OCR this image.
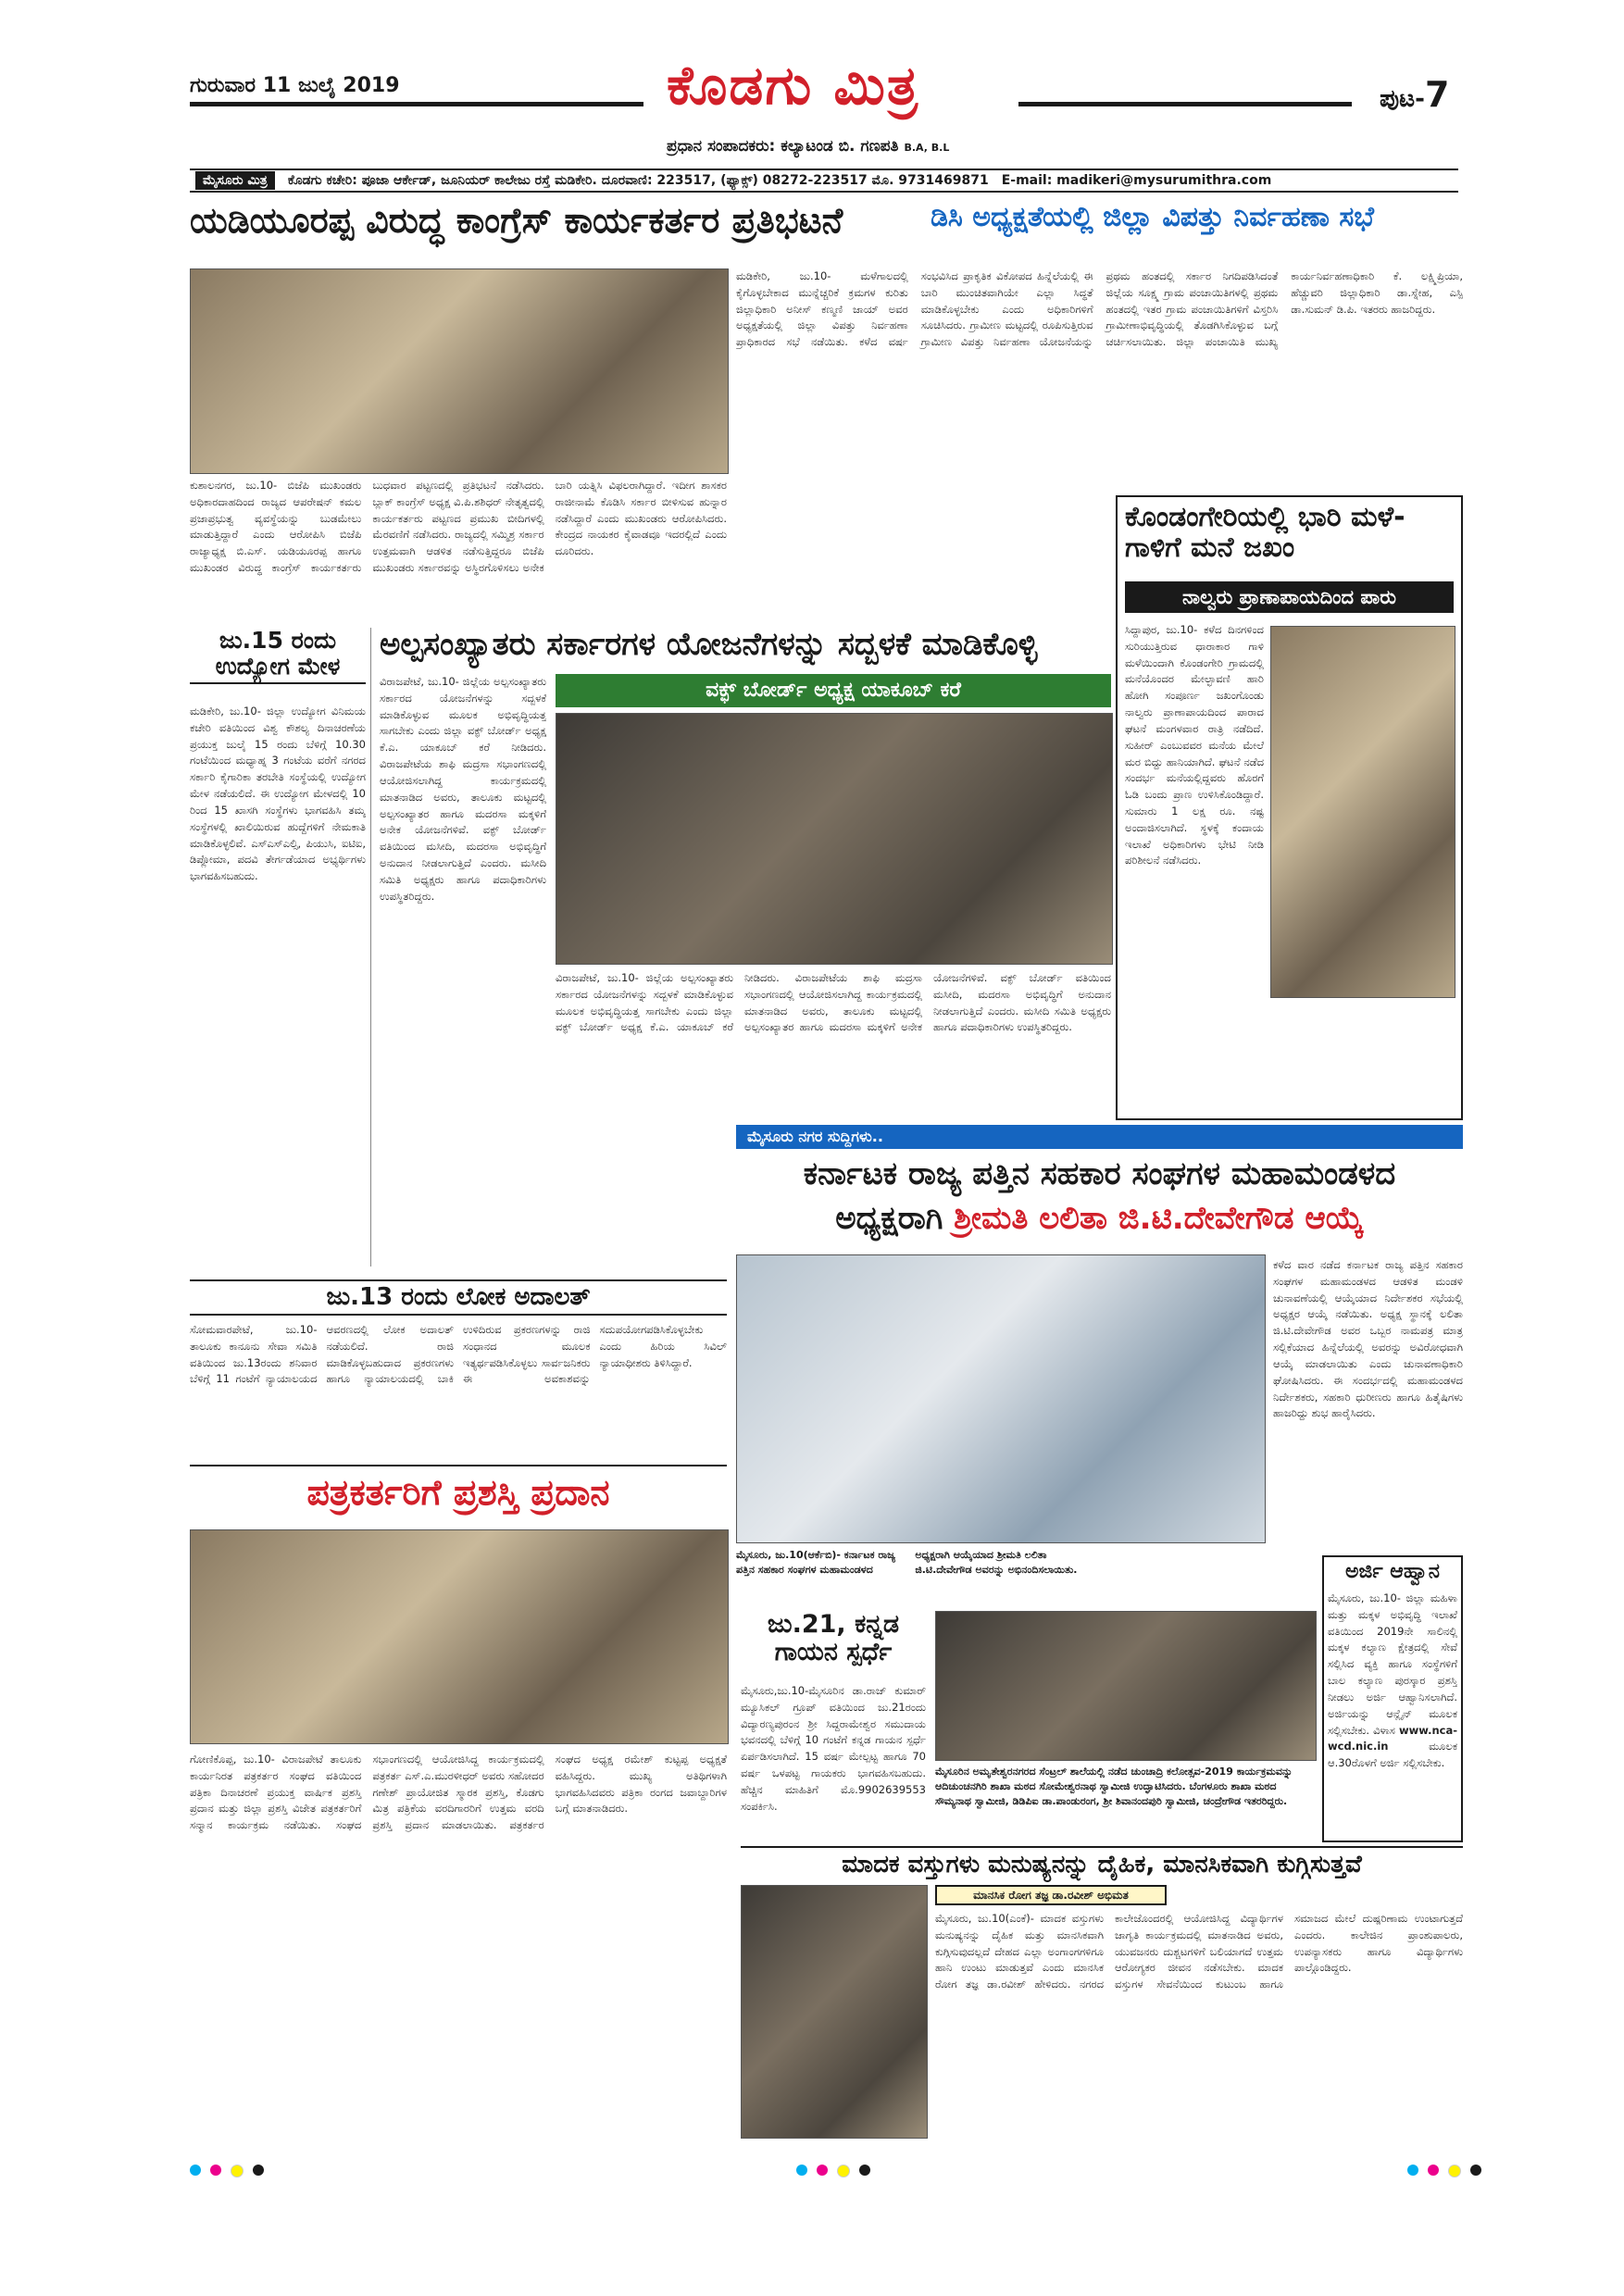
ಗುರುವಾರ 11 ಜುಲೈ 2019	ಕೊಡಗು ಮಿತ್ರ	ಪುಟ-7
ಪ್ರಧಾನ ಸಂಪಾದಕರು: ಕಲ್ಯಾಟಂಡ ಬಿ. ಗಣಪತಿ B.A, B.L
ಮೈಸೂರು ಮಿತ್ರ	ಕೊಡಗು ಕಚೇರಿ: ಪೂಜಾ ಆರ್ಕೇಡ್, ಜೂನಿಯರ್ ಕಾಲೇಜು ರಸ್ತೆ ಮಡಿಕೇರಿ. ದೂರವಾಣಿ: 223517, (ಫ್ಯಾಕ್ಸ್) 08272-223517 ಮೊ. 9731469871 E-mail: madikeri@mysurumithra.com
ಯಡಿಯೂರಪ್ಪ ವಿರುದ್ಧ ಕಾಂಗ್ರೆಸ್ ಕಾರ್ಯಕರ್ತರ ಪ್ರತಿಭಟನೆ
ಕುಶಾಲನಗರ, ಜು.10- ಬಿಜೆಪಿ ಮುಖಂಡರು ಅಧಿಕಾರದಾಹದಿಂದ ರಾಜ್ಯದ ಆಪರೇಷನ್ ಕಮಲ ಪ್ರಜಾಪ್ರಭುತ್ವ ವ್ಯವಸ್ಥೆಯನ್ನು ಬುಡಮೇಲು ಮಾಡುತ್ತಿದ್ದಾರೆ ಎಂದು ಆರೋಪಿಸಿ ಬಿಜೆಪಿ ರಾಜ್ಯಾಧ್ಯಕ್ಷ ಬಿ.ಎಸ್. ಯಡಿಯೂರಪ್ಪ ಹಾಗೂ ಮುಖಂಡರ ವಿರುದ್ಧ ಕಾಂಗ್ರೆಸ್ ಕಾರ್ಯಕರ್ತರು ಬುಧವಾರ ಪಟ್ಟಣದಲ್ಲಿ ಪ್ರತಿಭಟನೆ ನಡೆಸಿದರು. ಬ್ಲಾಕ್ ಕಾಂಗ್ರೆಸ್ ಅಧ್ಯಕ್ಷ ವಿ.ಪಿ.ಶಶಿಧರ್ ನೇತೃತ್ವದಲ್ಲಿ ಕಾರ್ಯಕರ್ತರು ಪಟ್ಟಣದ ಪ್ರಮುಖ ಬೀದಿಗಳಲ್ಲಿ ಮೆರವಣಿಗೆ ನಡೆಸಿದರು. ರಾಜ್ಯದಲ್ಲಿ ಸಮ್ಮಿಶ್ರ ಸರ್ಕಾರ ಉತ್ತಮವಾಗಿ ಆಡಳಿತ ನಡೆಸುತ್ತಿದ್ದರೂ ಬಿಜೆಪಿ ಮುಖಂಡರು ಸರ್ಕಾರವನ್ನು ಅಸ್ಥಿರಗೊಳಿಸಲು ಅನೇಕ ಬಾರಿ ಯತ್ನಿಸಿ ವಿಫಲರಾಗಿದ್ದಾರೆ. ಇದೀಗ ಶಾಸಕರ ರಾಜೀನಾಮೆ ಕೊಡಿಸಿ ಸರ್ಕಾರ ಬೀಳಿಸುವ ಹುನ್ನಾರ ನಡೆಸಿದ್ದಾರೆ ಎಂದು ಮುಖಂಡರು ಆರೋಪಿಸಿದರು. ಕೇಂದ್ರದ ನಾಯಕರ ಕೈವಾಡವೂ ಇದರಲ್ಲಿದೆ ಎಂದು ದೂರಿದರು.
ಡಿಸಿ ಅಧ್ಯಕ್ಷತೆಯಲ್ಲಿ ಜಿಲ್ಲಾ ವಿಪತ್ತು ನಿರ್ವಹಣಾ ಸಭೆ
ಮಡಿಕೇರಿ, ಜು.10- ಮಳೆಗಾಲದಲ್ಲಿ ಕೈಗೊಳ್ಳಬೇಕಾದ ಮುನ್ನೆಚ್ಚರಿಕೆ ಕ್ರಮಗಳ ಕುರಿತು ಜಿಲ್ಲಾಧಿಕಾರಿ ಅನೀಸ್ ಕಣ್ಮಣಿ ಜಾಯ್ ಅವರ ಅಧ್ಯಕ್ಷತೆಯಲ್ಲಿ ಜಿಲ್ಲಾ ವಿಪತ್ತು ನಿರ್ವಹಣಾ ಪ್ರಾಧಿಕಾರದ ಸಭೆ ನಡೆಯಿತು. ಕಳೆದ ವರ್ಷ ಸಂಭವಿಸಿದ ಪ್ರಾಕೃತಿಕ ವಿಕೋಪದ ಹಿನ್ನೆಲೆಯಲ್ಲಿ ಈ ಬಾರಿ ಮುಂಚಿತವಾಗಿಯೇ ಎಲ್ಲಾ ಸಿದ್ಧತೆ ಮಾಡಿಕೊಳ್ಳಬೇಕು ಎಂದು ಅಧಿಕಾರಿಗಳಿಗೆ ಸೂಚಿಸಿದರು. ಗ್ರಾಮೀಣ ಮಟ್ಟದಲ್ಲಿ ರೂಪಿಸುತ್ತಿರುವ ಗ್ರಾಮೀಣ ವಿಪತ್ತು ನಿರ್ವಹಣಾ ಯೋಜನೆಯನ್ನು ಪ್ರಥಮ ಹಂತದಲ್ಲಿ ಸರ್ಕಾರ ನಿಗದಿಪಡಿಸಿದಂತೆ ಜಿಲ್ಲೆಯ ಸೂಕ್ಷ್ಮ ಗ್ರಾಮ ಪಂಚಾಯಿತಿಗಳಲ್ಲಿ ಪ್ರಥಮ ಹಂತದಲ್ಲಿ ಇತರ ಗ್ರಾಮ ಪಂಚಾಯಿತಿಗಳಿಗೆ ವಿಸ್ತರಿಸಿ ಗ್ರಾಮೀಣಾಭಿವೃದ್ಧಿಯಲ್ಲಿ ತೊಡಗಿಸಿಕೊಳ್ಳುವ ಬಗ್ಗೆ ಚರ್ಚಿಸಲಾಯಿತು. ಜಿಲ್ಲಾ ಪಂಚಾಯಿತಿ ಮುಖ್ಯ ಕಾರ್ಯನಿರ್ವಹಣಾಧಿಕಾರಿ ಕೆ. ಲಕ್ಷ್ಮಿಪ್ರಿಯಾ, ಹೆಚ್ಚುವರಿ ಜಿಲ್ಲಾಧಿಕಾರಿ ಡಾ.ಸ್ನೇಹ, ಎಸ್ಪಿ ಡಾ.ಸುಮನ್ ಡಿ.ಪಿ. ಇತರರು ಹಾಜರಿದ್ದರು.
ಕೊಂಡಂಗೇರಿಯಲ್ಲಿ ಭಾರಿ ಮಳೆ-ಗಾಳಿಗೆ ಮನೆ ಜಖಂ
ನಾಲ್ವರು ಪ್ರಾಣಾಪಾಯದಿಂದ ಪಾರು
ಸಿದ್ದಾಪುರ, ಜು.10- ಕಳೆದ ದಿನಗಳಿಂದ ಸುರಿಯುತ್ತಿರುವ ಧಾರಾಕಾರ ಗಾಳಿ ಮಳೆಯಿಂದಾಗಿ ಕೊಂಡಂಗೇರಿ ಗ್ರಾಮದಲ್ಲಿ ಮನೆಯೊಂದರ ಮೇಲ್ಛಾವಣಿ ಹಾರಿ ಹೋಗಿ ಸಂಪೂರ್ಣ ಜಖಂಗೊಂಡು ನಾಲ್ವರು ಪ್ರಾಣಾಪಾಯದಿಂದ ಪಾರಾದ ಘಟನೆ ಮಂಗಳವಾರ ರಾತ್ರಿ ನಡೆದಿದೆ. ಸುಹೀರ್ ಎಂಬುವವರ ಮನೆಯ ಮೇಲೆ ಮರ ಬಿದ್ದು ಹಾನಿಯಾಗಿದೆ. ಘಟನೆ ನಡೆದ ಸಂದರ್ಭ ಮನೆಯಲ್ಲಿದ್ದವರು ಹೊರಗೆ ಓಡಿ ಬಂದು ಪ್ರಾಣ ಉಳಿಸಿಕೊಂಡಿದ್ದಾರೆ. ಸುಮಾರು 1 ಲಕ್ಷ ರೂ. ನಷ್ಟ ಅಂದಾಜಿಸಲಾಗಿದೆ. ಸ್ಥಳಕ್ಕೆ ಕಂದಾಯ ಇಲಾಖೆ ಅಧಿಕಾರಿಗಳು ಭೇಟಿ ನೀಡಿ ಪರಿಶೀಲನೆ ನಡೆಸಿದರು.
ಜು.15 ರಂದು ಉದ್ಯೋಗ ಮೇಳ
ಮಡಿಕೇರಿ, ಜು.10- ಜಿಲ್ಲಾ ಉದ್ಯೋಗ ವಿನಿಮಯ ಕಚೇರಿ ವತಿಯಿಂದ ವಿಶ್ವ ಕೌಶಲ್ಯ ದಿನಾಚರಣೆಯ ಪ್ರಯುಕ್ತ ಜುಲೈ 15 ರಂದು ಬೆಳಿಗ್ಗೆ 10.30 ಗಂಟೆಯಿಂದ ಮಧ್ಯಾಹ್ನ 3 ಗಂಟೆಯ ವರೆಗೆ ನಗರದ ಸರ್ಕಾರಿ ಕೈಗಾರಿಕಾ ತರಬೇತಿ ಸಂಸ್ಥೆಯಲ್ಲಿ ಉದ್ಯೋಗ ಮೇಳ ನಡೆಯಲಿದೆ. ಈ ಉದ್ಯೋಗ ಮೇಳದಲ್ಲಿ 10 ರಿಂದ 15 ಖಾಸಗಿ ಸಂಸ್ಥೆಗಳು ಭಾಗವಹಿಸಿ ತಮ್ಮ ಸಂಸ್ಥೆಗಳಲ್ಲಿ ಖಾಲಿಯಿರುವ ಹುದ್ದೆಗಳಿಗೆ ನೇಮಕಾತಿ ಮಾಡಿಕೊಳ್ಳಲಿವೆ. ಎಸ್ಎಸ್ಎಲ್ಸಿ, ಪಿಯುಸಿ, ಐಟಿಐ, ಡಿಪ್ಲೋಮಾ, ಪದವಿ ತೇರ್ಗಡೆಯಾದ ಅಭ್ಯರ್ಥಿಗಳು ಭಾಗವಹಿಸಬಹುದು.
ಅಲ್ಪಸಂಖ್ಯಾತರು ಸರ್ಕಾರಗಳ ಯೋಜನೆಗಳನ್ನು ಸದ್ಬಳಕೆ ಮಾಡಿಕೊಳ್ಳಿ
ವಕ್ಫ್ ಬೋರ್ಡ್ ಅಧ್ಯಕ್ಷ ಯಾಕೂಬ್ ಕರೆ
ವಿರಾಜಪೇಟೆ, ಜು.10- ಜಿಲ್ಲೆಯ ಅಲ್ಪಸಂಖ್ಯಾತರು ಸರ್ಕಾರದ ಯೋಜನೆಗಳನ್ನು ಸದ್ಬಳಕೆ ಮಾಡಿಕೊಳ್ಳುವ ಮೂಲಕ ಅಭಿವೃದ್ಧಿಯತ್ತ ಸಾಗಬೇಕು ಎಂದು ಜಿಲ್ಲಾ ವಕ್ಫ್ ಬೋರ್ಡ್ ಅಧ್ಯಕ್ಷ ಕೆ.ಎ. ಯಾಕೂಬ್ ಕರೆ ನೀಡಿದರು. ವಿರಾಜಪೇಟೆಯ ಶಾಫಿ ಮದ್ರಸಾ ಸಭಾಂಗಣದಲ್ಲಿ ಆಯೋಜಿಸಲಾಗಿದ್ದ ಕಾರ್ಯಕ್ರಮದಲ್ಲಿ ಮಾತನಾಡಿದ ಅವರು, ತಾಲೂಕು ಮಟ್ಟದಲ್ಲಿ ಅಲ್ಪಸಂಖ್ಯಾತರ ಹಾಗೂ ಮದರಸಾ ಮಕ್ಕಳಿಗೆ ಅನೇಕ ಯೋಜನೆಗಳಿವೆ. ವಕ್ಫ್ ಬೋರ್ಡ್ ವತಿಯಿಂದ ಮಸೀದಿ, ಮದರಸಾ ಅಭಿವೃದ್ಧಿಗೆ ಅನುದಾನ ನೀಡಲಾಗುತ್ತಿದೆ ಎಂದರು. ಮಸೀದಿ ಸಮಿತಿ ಅಧ್ಯಕ್ಷರು ಹಾಗೂ ಪದಾಧಿಕಾರಿಗಳು ಉಪಸ್ಥಿತರಿದ್ದರು.
ವಿರಾಜಪೇಟೆ, ಜು.10- ಜಿಲ್ಲೆಯ ಅಲ್ಪಸಂಖ್ಯಾತರು ಸರ್ಕಾರದ ಯೋಜನೆಗಳನ್ನು ಸದ್ಬಳಕೆ ಮಾಡಿಕೊಳ್ಳುವ ಮೂಲಕ ಅಭಿವೃದ್ಧಿಯತ್ತ ಸಾಗಬೇಕು ಎಂದು ಜಿಲ್ಲಾ ವಕ್ಫ್ ಬೋರ್ಡ್ ಅಧ್ಯಕ್ಷ ಕೆ.ಎ. ಯಾಕೂಬ್ ಕರೆ ನೀಡಿದರು. ವಿರಾಜಪೇಟೆಯ ಶಾಫಿ ಮದ್ರಸಾ ಸಭಾಂಗಣದಲ್ಲಿ ಆಯೋಜಿಸಲಾಗಿದ್ದ ಕಾರ್ಯಕ್ರಮದಲ್ಲಿ ಮಾತನಾಡಿದ ಅವರು, ತಾಲೂಕು ಮಟ್ಟದಲ್ಲಿ ಅಲ್ಪಸಂಖ್ಯಾತರ ಹಾಗೂ ಮದರಸಾ ಮಕ್ಕಳಿಗೆ ಅನೇಕ ಯೋಜನೆಗಳಿವೆ. ವಕ್ಫ್ ಬೋರ್ಡ್ ವತಿಯಿಂದ ಮಸೀದಿ, ಮದರಸಾ ಅಭಿವೃದ್ಧಿಗೆ ಅನುದಾನ ನೀಡಲಾಗುತ್ತಿದೆ ಎಂದರು. ಮಸೀದಿ ಸಮಿತಿ ಅಧ್ಯಕ್ಷರು ಹಾಗೂ ಪದಾಧಿಕಾರಿಗಳು ಉಪಸ್ಥಿತರಿದ್ದರು.
ಮೈಸೂರು ನಗರ ಸುದ್ದಿಗಳು..
ಕರ್ನಾಟಕ ರಾಜ್ಯ ಪತ್ತಿನ ಸಹಕಾರ ಸಂಘಗಳ ಮಹಾಮಂಡಳದ
ಅಧ್ಯಕ್ಷರಾಗಿ ಶ್ರೀಮತಿ ಲಲಿತಾ ಜಿ.ಟಿ.ದೇವೇಗೌಡ ಆಯ್ಕೆ
ಕಳೆದ ವಾರ ನಡೆದ ಕರ್ನಾಟಕ ರಾಜ್ಯ ಪತ್ತಿನ ಸಹಕಾರ ಸಂಘಗಳ ಮಹಾಮಂಡಳದ ಆಡಳಿತ ಮಂಡಳಿ ಚುನಾವಣೆಯಲ್ಲಿ ಆಯ್ಕೆಯಾದ ನಿರ್ದೇಶಕರ ಸಭೆಯಲ್ಲಿ ಅಧ್ಯಕ್ಷರ ಆಯ್ಕೆ ನಡೆಯಿತು. ಅಧ್ಯಕ್ಷ ಸ್ಥಾನಕ್ಕೆ ಲಲಿತಾ ಜಿ.ಟಿ.ದೇವೇಗೌಡ ಅವರ ಒಬ್ಬರ ನಾಮಪತ್ರ ಮಾತ್ರ ಸಲ್ಲಿಕೆಯಾದ ಹಿನ್ನೆಲೆಯಲ್ಲಿ ಅವರನ್ನು ಅವಿರೋಧವಾಗಿ ಆಯ್ಕೆ ಮಾಡಲಾಯಿತು ಎಂದು ಚುನಾವಣಾಧಿಕಾರಿ ಘೋಷಿಸಿದರು. ಈ ಸಂದರ್ಭದಲ್ಲಿ ಮಹಾಮಂಡಳದ ನಿರ್ದೇಶಕರು, ಸಹಕಾರಿ ಧುರೀಣರು ಹಾಗೂ ಹಿತೈಷಿಗಳು ಹಾಜರಿದ್ದು ಶುಭ ಹಾರೈಸಿದರು.
ಮೈಸೂರು, ಜು.10(ಆರ್ಕೆಬಿ)- ಕರ್ನಾಟಕ ರಾಜ್ಯ ಪತ್ತಿನ ಸಹಕಾರ ಸಂಘಗಳ ಮಹಾಮಂಡಳದ ಅಧ್ಯಕ್ಷರಾಗಿ ಆಯ್ಕೆಯಾದ ಶ್ರೀಮತಿ ಲಲಿತಾ ಜಿ.ಟಿ.ದೇವೇಗೌಡ ಅವರನ್ನು ಅಭಿನಂದಿಸಲಾಯಿತು.
ಜು.13 ರಂದು ಲೋಕ ಅದಾಲತ್
ಸೋಮವಾರಪೇಟೆ, ಜು.10- ತಾಲೂಕು ಕಾನೂನು ಸೇವಾ ಸಮಿತಿ ವತಿಯಿಂದ ಜು.13ರಂದು ಶನಿವಾರ ಬೆಳಿಗ್ಗೆ 11 ಗಂಟೆಗೆ ನ್ಯಾಯಾಲಯದ ಆವರಣದಲ್ಲಿ ಲೋಕ ಅದಾಲತ್ ನಡೆಯಲಿದೆ. ರಾಜಿ ಮಾಡಿಕೊಳ್ಳಬಹುದಾದ ಪ್ರಕರಣಗಳು ಹಾಗೂ ನ್ಯಾಯಾಲಯದಲ್ಲಿ ಬಾಕಿ ಉಳಿದಿರುವ ಪ್ರಕರಣಗಳನ್ನು ರಾಜಿ ಸಂಧಾನದ ಮೂಲಕ ಇತ್ಯರ್ಥಪಡಿಸಿಕೊಳ್ಳಲು ಸಾರ್ವಜನಿಕರು ಈ ಅವಕಾಶವನ್ನು ಸದುಪಯೋಗಪಡಿಸಿಕೊಳ್ಳಬೇಕು ಎಂದು ಹಿರಿಯ ಸಿವಿಲ್ ನ್ಯಾಯಾಧೀಶರು ತಿಳಿಸಿದ್ದಾರೆ.
ಪತ್ರಕರ್ತರಿಗೆ ಪ್ರಶಸ್ತಿ ಪ್ರದಾನ
ಗೋಣಿಕೊಪ್ಪ, ಜು.10- ವಿರಾಜಪೇಟೆ ತಾಲೂಕು ಕಾರ್ಯನಿರತ ಪತ್ರಕರ್ತರ ಸಂಘದ ವತಿಯಿಂದ ಪತ್ರಿಕಾ ದಿನಾಚರಣೆ ಪ್ರಯುಕ್ತ ವಾರ್ಷಿಕ ಪ್ರಶಸ್ತಿ ಪ್ರದಾನ ಮತ್ತು ಜಿಲ್ಲಾ ಪ್ರಶಸ್ತಿ ವಿಜೇತ ಪತ್ರಕರ್ತರಿಗೆ ಸನ್ಮಾನ ಕಾರ್ಯಕ್ರಮ ನಡೆಯಿತು. ಸಂಘದ ಸಭಾಂಗಣದಲ್ಲಿ ಆಯೋಜಿಸಿದ್ದ ಕಾರ್ಯಕ್ರಮದಲ್ಲಿ ಪತ್ರಕರ್ತ ಎಸ್.ಎ.ಮುರಳೀಧರ್ ಅವರು ಸಹೋದರ ಗಣೇಶ್ ಪ್ರಾಯೋಜಿತ ಸ್ಮಾರಕ ಪ್ರಶಸ್ತಿ, ಕೊಡಗು ಮಿತ್ರ ಪತ್ರಿಕೆಯ ವರದಿಗಾರರಿಗೆ ಉತ್ತಮ ವರದಿ ಪ್ರಶಸ್ತಿ ಪ್ರದಾನ ಮಾಡಲಾಯಿತು. ಪತ್ರಕರ್ತರ ಸಂಘದ ಅಧ್ಯಕ್ಷ ರಮೇಶ್ ಕುಟ್ಟಪ್ಪ ಅಧ್ಯಕ್ಷತೆ ವಹಿಸಿದ್ದರು. ಮುಖ್ಯ ಅತಿಥಿಗಳಾಗಿ ಭಾಗವಹಿಸಿದವರು ಪತ್ರಿಕಾ ರಂಗದ ಜವಾಬ್ದಾರಿಗಳ ಬಗ್ಗೆ ಮಾತನಾಡಿದರು.
ಜು.21, ಕನ್ನಡ
ಗಾಯನ ಸ್ಪರ್ಧೆ
ಮೈಸೂರು,ಜು.10-ಮೈಸೂರಿನ ಡಾ.ರಾಜ್ ಕುಮಾರ್ ಮ್ಯೂಸಿಕಲ್ ಗ್ರೂಪ್ ವತಿಯಿಂದ ಜು.21ರಂದು ವಿದ್ಯಾರಣ್ಯಪುರಂನ ಶ್ರೀ ಸಿದ್ದರಾಮೇಶ್ವರ ಸಮುದಾಯ ಭವನದಲ್ಲಿ ಬೆಳಿಗ್ಗೆ 10 ಗಂಟೆಗೆ ಕನ್ನಡ ಗಾಯನ ಸ್ಪರ್ಧೆ ಏರ್ಪಡಿಸಲಾಗಿದೆ. 15 ವರ್ಷ ಮೇಲ್ಪಟ್ಟ ಹಾಗೂ 70 ವರ್ಷ ಒಳಪಟ್ಟ ಗಾಯಕರು ಭಾಗವಹಿಸಬಹುದು. ಹೆಚ್ಚಿನ ಮಾಹಿತಿಗೆ ಮೊ.9902639553 ಸಂಪರ್ಕಿಸಿ.
ಮೈಸೂರಿನ ಅಮೃತೇಶ್ವರನಗರದ ಸೆಂಟ್ರಲ್ ಶಾಲೆಯಲ್ಲಿ ನಡೆದ ಚುಂಚಾದ್ರಿ ಕಲೋತ್ಸವ-2019 ಕಾರ್ಯಕ್ರಮವನ್ನು ಆದಿಚುಂಚನಗಿರಿ ಶಾಖಾ ಮಠದ ಸೋಮೇಶ್ವರನಾಥ ಸ್ವಾಮೀಜಿ ಉದ್ಘಾಟಿಸಿದರು. ಬೆಂಗಳೂರು ಶಾಖಾ ಮಠದ ಸೌಮ್ಯನಾಥ ಸ್ವಾಮೀಜಿ, ಡಿಡಿಪಿಐ ಡಾ.ಪಾಂಡುರಂಗ, ಶ್ರೀ ಶಿವಾನಂದಪುರಿ ಸ್ವಾಮೀಜಿ, ಚಂದ್ರೇಗೌಡ ಇತರರಿದ್ದರು.
ಅರ್ಜಿ ಆಹ್ವಾನ
ಮೈಸೂರು, ಜು.10- ಜಿಲ್ಲಾ ಮಹಿಳಾ ಮತ್ತು ಮಕ್ಕಳ ಅಭಿವೃದ್ಧಿ ಇಲಾಖೆ ವತಿಯಿಂದ 2019ನೇ ಸಾಲಿನಲ್ಲಿ ಮಕ್ಕಳ ಕಲ್ಯಾಣ ಕ್ಷೇತ್ರದಲ್ಲಿ ಸೇವೆ ಸಲ್ಲಿಸಿದ ವ್ಯಕ್ತಿ ಹಾಗೂ ಸಂಸ್ಥೆಗಳಿಗೆ ಬಾಲ ಕಲ್ಯಾಣ ಪುರಸ್ಕಾರ ಪ್ರಶಸ್ತಿ ನೀಡಲು ಅರ್ಜಿ ಆಹ್ವಾನಿಸಲಾಗಿದೆ. ಅರ್ಜಿಯನ್ನು ಆನ್ಲೈನ್ ಮೂಲಕ ಸಲ್ಲಿಸಬೇಕು. ವಿಳಾಸ www.nca-wcd.nic.in	ಮೂಲಕ ಆ.30ರೊಳಗೆ ಅರ್ಜಿ ಸಲ್ಲಿಸಬೇಕು.
ಮಾದಕ ವಸ್ತುಗಳು ಮನುಷ್ಯನನ್ನು ದೈಹಿಕ, ಮಾನಸಿಕವಾಗಿ ಕುಗ್ಗಿಸುತ್ತವೆ
ಮಾನಸಿಕ ರೋಗ ತಜ್ಞ ಡಾ.ರವೀಶ್ ಅಭಿಮತ
ಮೈಸೂರು, ಜು.10(ಎಂಕೆ)- ಮಾದಕ ವಸ್ತುಗಳು ಮನುಷ್ಯನನ್ನು ದೈಹಿಕ ಮತ್ತು ಮಾನಸಿಕವಾಗಿ ಕುಗ್ಗಿಸುವುದಲ್ಲದೆ ದೇಹದ ಎಲ್ಲಾ ಅಂಗಾಂಗಗಳಿಗೂ ಹಾನಿ ಉಂಟು ಮಾಡುತ್ತವೆ ಎಂದು ಮಾನಸಿಕ ರೋಗ ತಜ್ಞ ಡಾ.ರವೀಶ್ ಹೇಳಿದರು. ನಗರದ ಕಾಲೇಜೊಂದರಲ್ಲಿ ಆಯೋಜಿಸಿದ್ದ ವಿದ್ಯಾರ್ಥಿಗಳ ಜಾಗೃತಿ ಕಾರ್ಯಕ್ರಮದಲ್ಲಿ ಮಾತನಾಡಿದ ಅವರು, ಯುವಜನರು ದುಶ್ಚಟಗಳಿಗೆ ಬಲಿಯಾಗದೆ ಉತ್ತಮ ಆರೋಗ್ಯಕರ ಜೀವನ ನಡೆಸಬೇಕು. ಮಾದಕ ವಸ್ತುಗಳ ಸೇವನೆಯಿಂದ ಕುಟುಂಬ ಹಾಗೂ ಸಮಾಜದ ಮೇಲೆ ದುಷ್ಪರಿಣಾಮ ಉಂಟಾಗುತ್ತದೆ ಎಂದರು. ಕಾಲೇಜಿನ ಪ್ರಾಂಶುಪಾಲರು, ಉಪನ್ಯಾಸಕರು ಹಾಗೂ ವಿದ್ಯಾರ್ಥಿಗಳು ಪಾಲ್ಗೊಂಡಿದ್ದರು.
